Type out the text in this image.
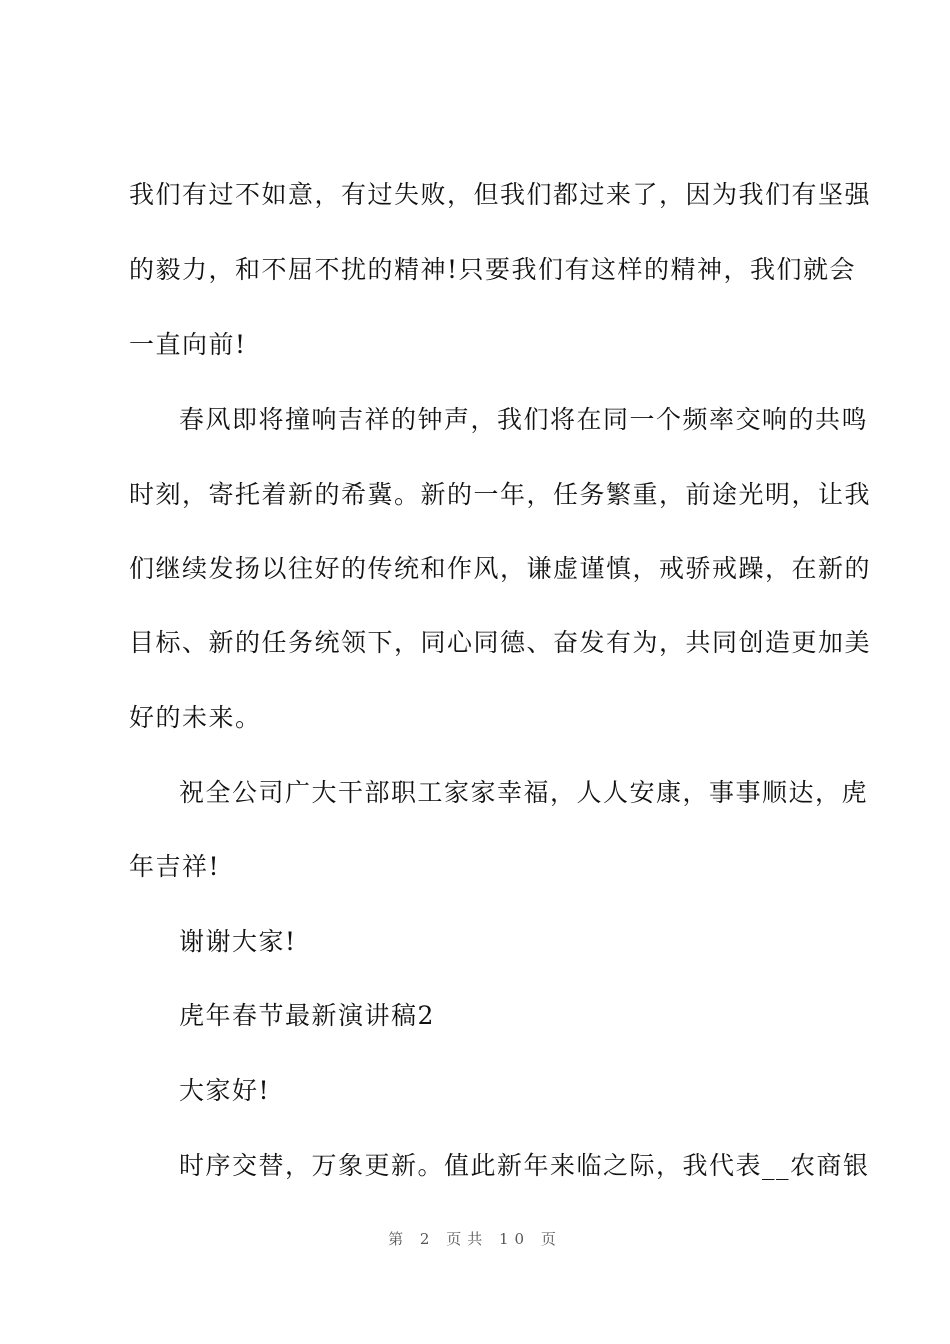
我们有过不如意，有过失败，但我们都过来了，因为我们有坚强
的毅力，和不屈不扰的精神!只要我们有这样的精神，我们就会
一直向前!
春风即将撞响吉祥的钟声，我们将在同一个频率交响的共鸣
时刻，寄托着新的希冀。新的一年，任务繁重，前途光明，让我
们继续发扬以往好的传统和作风，谦虚谨慎，戒骄戒躁，在新的
目标、新的任务统领下，同心同德、奋发有为，共同创造更加美
好的未来。
祝全公司广大干部职工家家幸福，人人安康，事事顺达，虎
年吉祥!
谢谢大家!
虎年春节最新演讲稿2
大家好!
时序交替，万象更新。值此新年来临之际，我代表__农商银
第 2 页共 10 页
